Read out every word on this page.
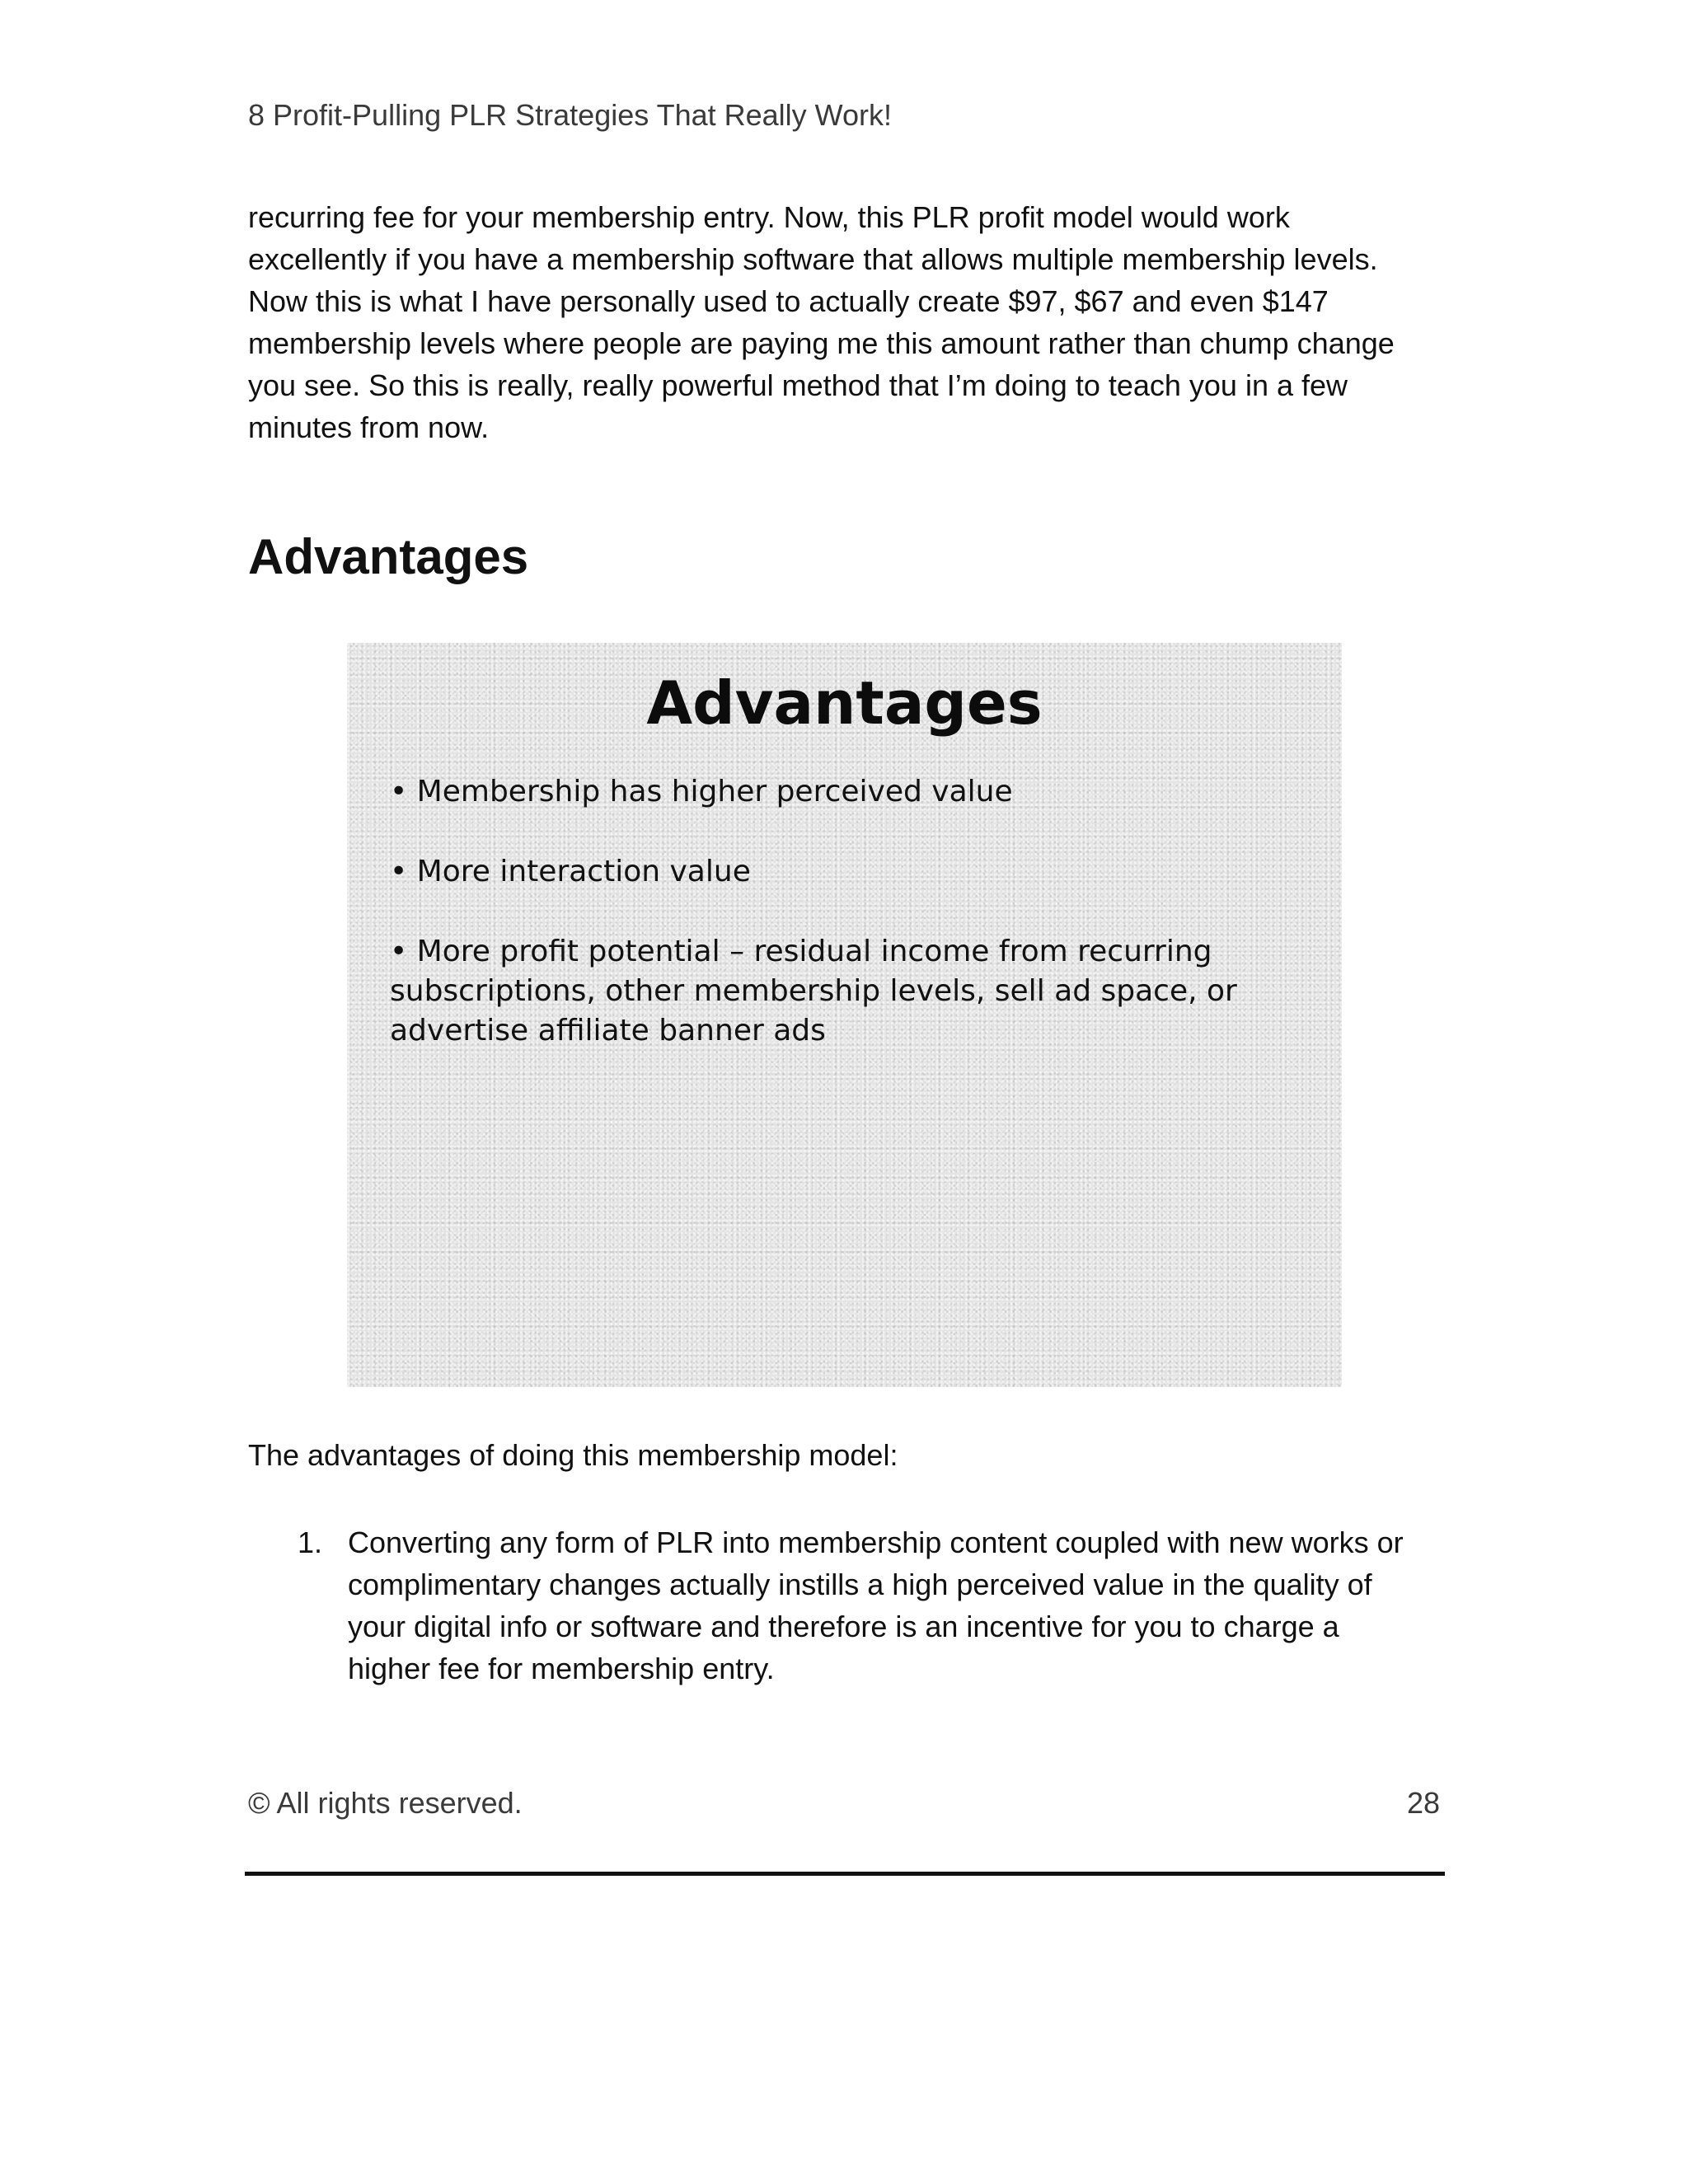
8 Profit-Pulling PLR Strategies That Really Work!
recurring fee for your membership entry. Now, this PLR profit model would work
excellently if you have a membership software that allows multiple membership levels.
Now this is what I have personally used to actually create $97, $67 and even $147
membership levels where people are paying me this amount rather than chump change
you see. So this is really, really powerful method that I’m doing to teach you in a few
minutes from now.
Advantages
Advantages
• Membership has higher perceived value
• More interaction value
• More profit potential – residual income from recurring
subscriptions, other membership levels, sell ad space, or
advertise affiliate banner ads
The advantages of doing this membership model:
1. Converting any form of PLR into membership content coupled with new works or
complimentary changes actually instills a high perceived value in the quality of
your digital info or software and therefore is an incentive for you to charge a
higher fee for membership entry.
© All rights reserved.	28
